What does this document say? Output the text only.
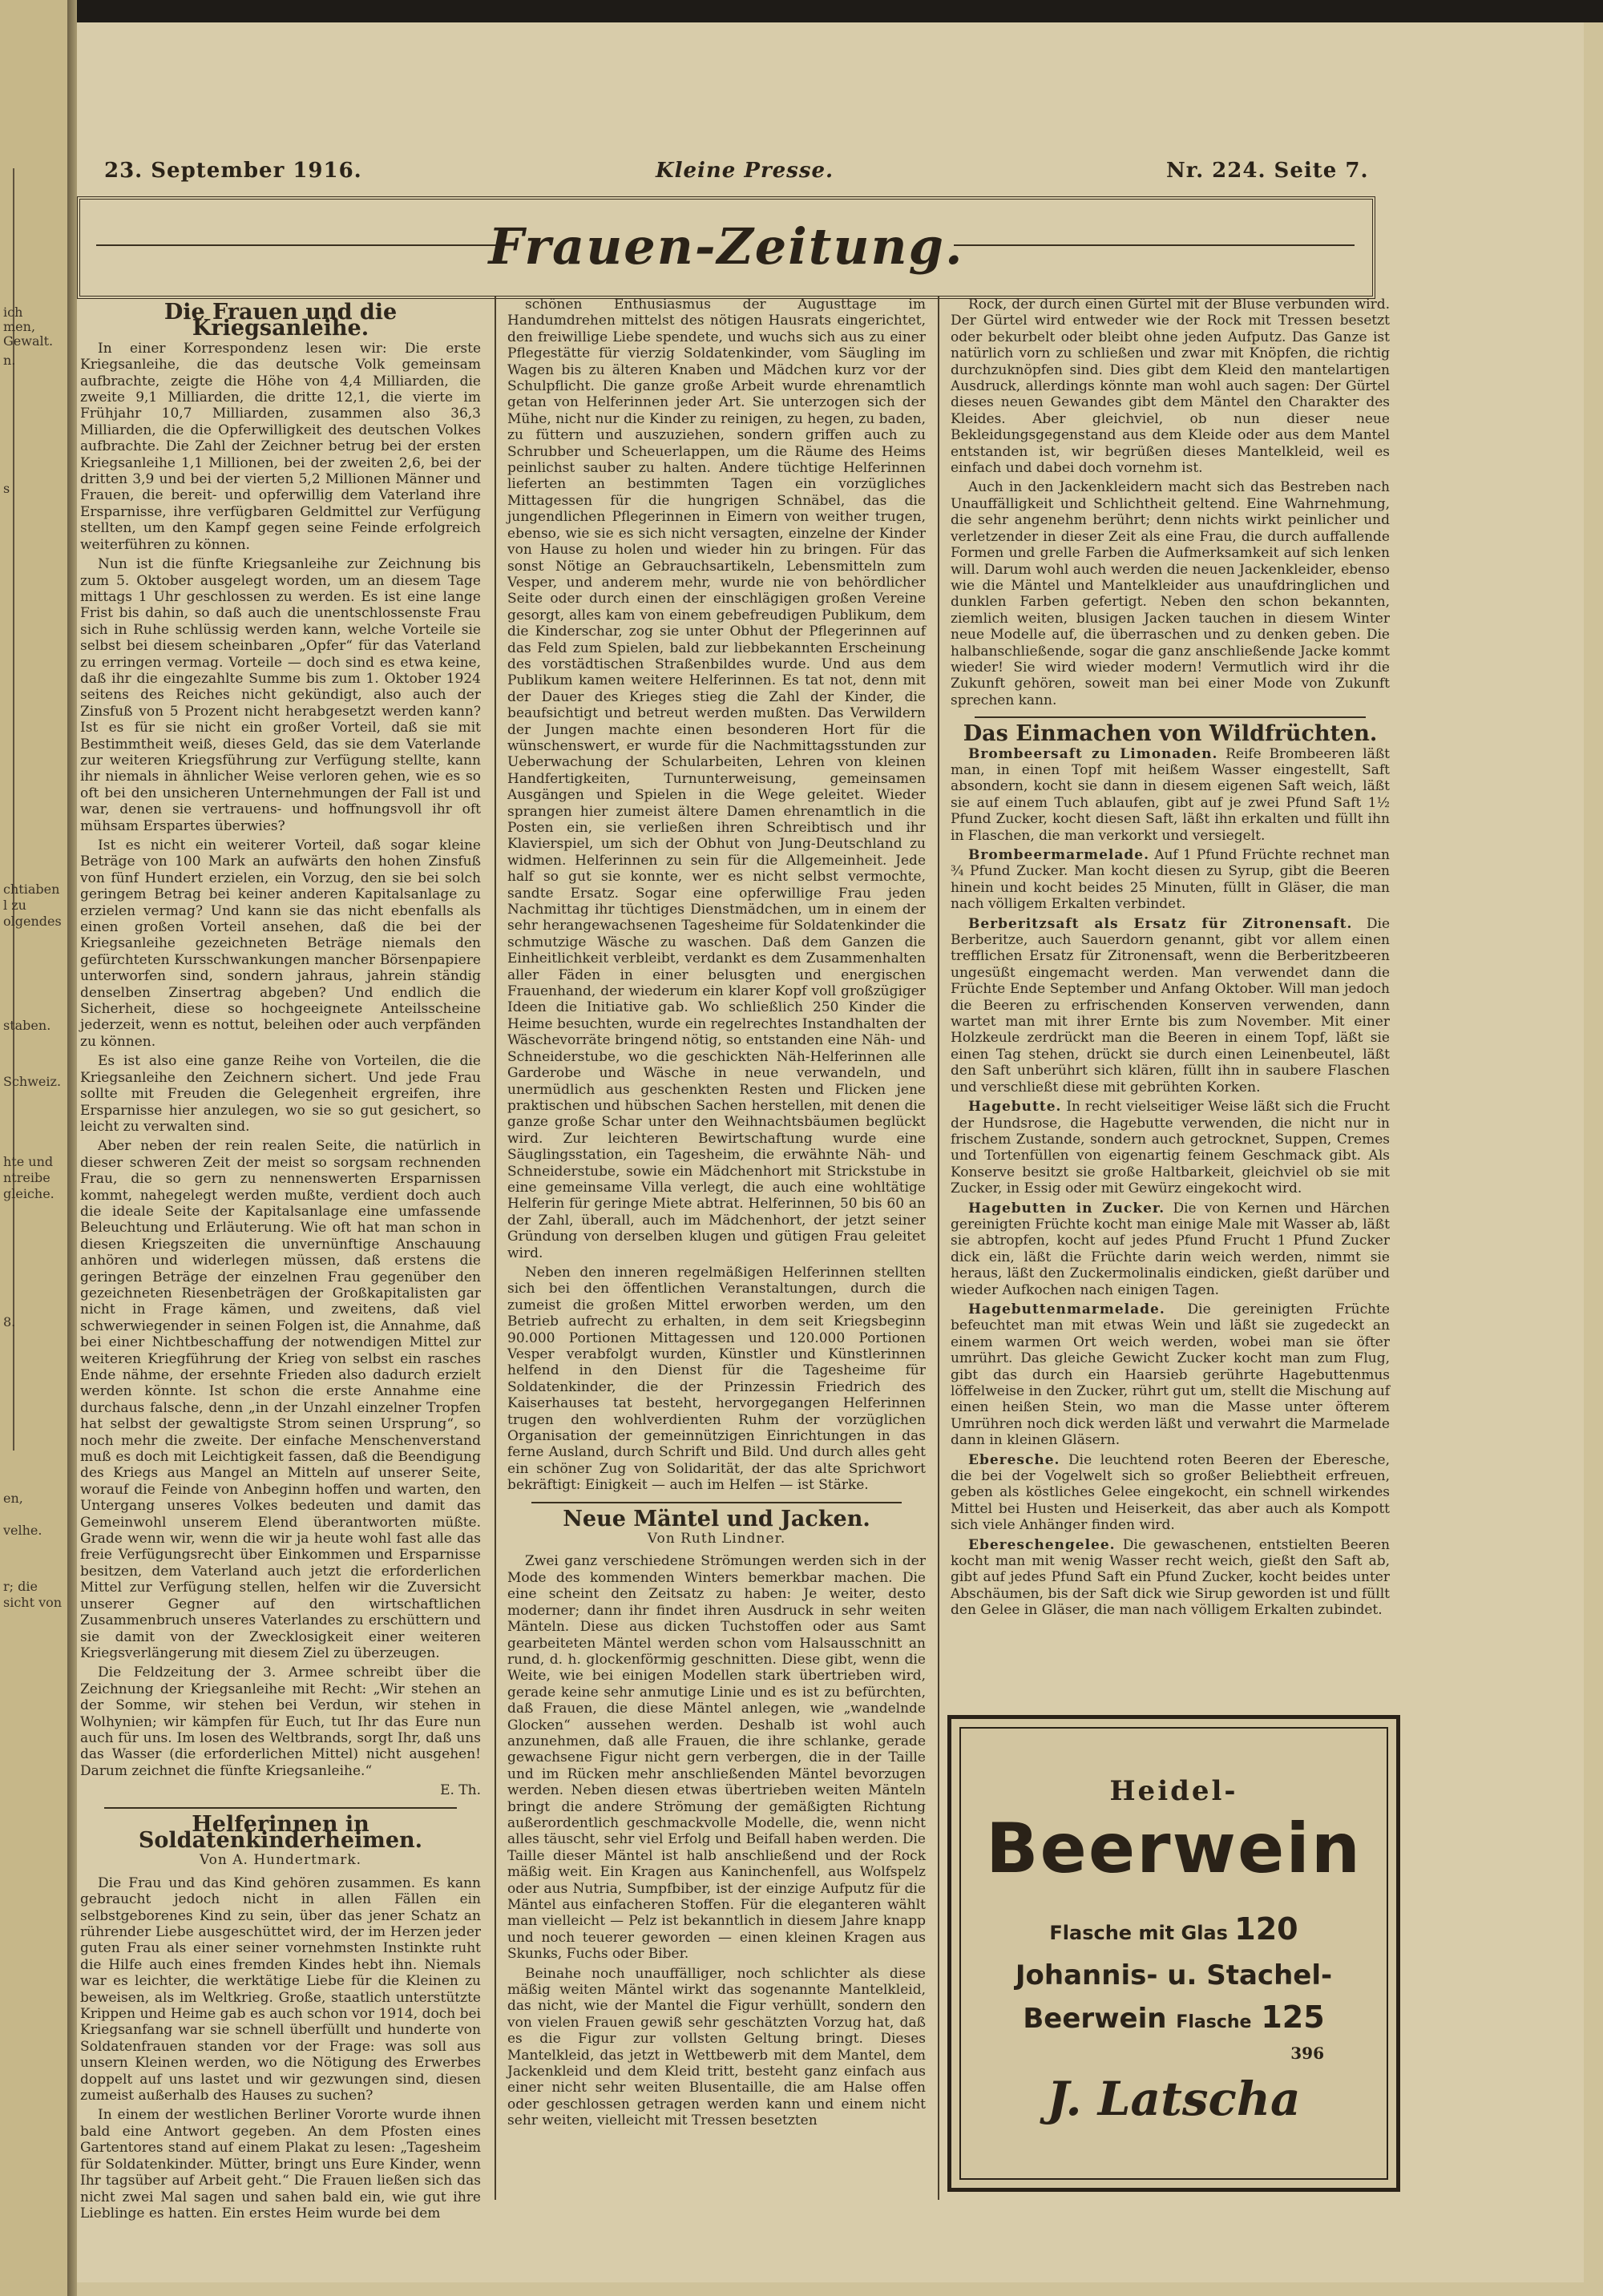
ich
men,
Gewalt.
n.
s
chtiaben
l zu
olgendes
staben.
Schweiz.
hte und
ntreibe
gleiche.
8.
en,
velhe.
r; die
sicht von
23. September 1916.	Kleine Presse.	Nr. 224. Seite 7.
Frauen-Zeitung.
Die Frauen und die Kriegsanleihe.

In einer Korrespondenz lesen wir: Die erste Kriegsanleihe, die das deutsche Volk gemeinsam aufbrachte, zeigte die Höhe von 4,4 Milliarden, die zweite 9,1 Milliarden, die dritte 12,1, die vierte im Frühjahr 10,7 Milliarden, zusammen also 36,3 Milliarden, die die Opferwilligkeit des deutschen Volkes aufbrachte. Die Zahl der Zeichner betrug bei der ersten Kriegsanleihe 1,1 Millionen, bei der zweiten 2,6, bei der dritten 3,9 und bei der vierten 5,2 Millionen Männer und Frauen, die bereit- und opferwillig dem Vaterland ihre Ersparnisse, ihre verfügbaren Geldmittel zur Verfügung stellten, um den Kampf gegen seine Feinde erfolgreich weiterführen zu können.

Nun ist die fünfte Kriegsanleihe zur Zeichnung bis zum 5. Oktober ausgelegt worden, um an diesem Tage mittags 1 Uhr geschlossen zu werden. Es ist eine lange Frist bis dahin, so daß auch die unentschlossenste Frau sich in Ruhe schlüssig werden kann, welche Vorteile sie selbst bei diesem scheinbaren „Opfer“ für das Vaterland zu erringen vermag. Vorteile — doch sind es etwa keine, daß ihr die eingezahlte Summe bis zum 1. Oktober 1924 seitens des Reiches nicht gekündigt, also auch der Zinsfuß von 5 Prozent nicht herabgesetzt werden kann? Ist es für sie nicht ein großer Vorteil, daß sie mit Bestimmtheit weiß, dieses Geld, das sie dem Vaterlande zur weiteren Kriegsführung zur Verfügung stellte, kann ihr niemals in ähnlicher Weise verloren gehen, wie es so oft bei den unsicheren Unternehmungen der Fall ist und war, denen sie vertrauens- und hoffnungsvoll ihr oft mühsam Erspartes überwies?

Ist es nicht ein weiterer Vorteil, daß sogar kleine Beträge von 100 Mark an aufwärts den hohen Zinsfuß von fünf Hundert erzielen, ein Vorzug, den sie bei solch geringem Betrag bei keiner anderen Kapitalsanlage zu erzielen vermag? Und kann sie das nicht ebenfalls als einen großen Vorteil ansehen, daß die bei der Kriegsanleihe gezeichneten Beträge niemals den gefürchteten Kursschwankungen mancher Börsenpapiere unterworfen sind, sondern jahraus, jahrein ständig denselben Zinsertrag abgeben? Und endlich die Sicherheit, diese so hochgeeignete Anteilsscheine jederzeit, wenn es nottut, beleihen oder auch verpfänden zu können.

Es ist also eine ganze Reihe von Vorteilen, die die Kriegsanleihe den Zeichnern sichert. Und jede Frau sollte mit Freuden die Gelegenheit ergreifen, ihre Ersparnisse hier anzulegen, wo sie so gut gesichert, so leicht zu verwalten sind.

Aber neben der rein realen Seite, die natürlich in dieser schweren Zeit der meist so sorgsam rechnenden Frau, die so gern zu nennenswerten Ersparnissen kommt, nahegelegt werden mußte, verdient doch auch die ideale Seite der Kapitalsanlage eine umfassende Beleuchtung und Erläuterung. Wie oft hat man schon in diesen Kriegszeiten die unvernünftige Anschauung anhören und widerlegen müssen, daß erstens die geringen Beträge der einzelnen Frau gegenüber den gezeichneten Riesenbeträgen der Großkapitalisten gar nicht in Frage kämen, und zweitens, daß viel schwerwiegender in seinen Folgen ist, die Annahme, daß bei einer Nichtbeschaffung der notwendigen Mittel zur weiteren Kriegführung der Krieg von selbst ein rasches Ende nähme, der ersehnte Frieden also dadurch erzielt werden könnte. Ist schon die erste Annahme eine durchaus falsche, denn „in der Unzahl einzelner Tropfen hat selbst der gewaltigste Strom seinen Ursprung“, so noch mehr die zweite. Der einfache Menschenverstand muß es doch mit Leichtigkeit fassen, daß die Beendigung des Kriegs aus Mangel an Mitteln auf unserer Seite, worauf die Feinde von Anbeginn hoffen und warten, den Untergang unseres Volkes bedeuten und damit das Gemeinwohl unserem Elend überantworten müßte. Grade wenn wir, wenn die wir ja heute wohl fast alle das freie Verfügungsrecht über Einkommen und Ersparnisse besitzen, dem Vaterland auch jetzt die erforderlichen Mittel zur Verfügung stellen, helfen wir die Zuversicht unserer Gegner auf den wirtschaftlichen Zusammenbruch unseres Vaterlandes zu erschüttern und sie damit von der Zwecklosigkeit einer weiteren Kriegsverlängerung mit diesem Ziel zu überzeugen.

Die Feldzeitung der 3. Armee schreibt über die Zeichnung der Kriegsanleihe mit Recht: „Wir stehen an der Somme, wir stehen bei Verdun, wir stehen in Wolhynien; wir kämpfen für Euch, tut Ihr das Eure nun auch für uns. Im losen des Weltbrands, sorgt Ihr, daß uns das Wasser (die erforderlichen Mittel) nicht ausgehen! Darum zeichnet die fünfte Kriegsanleihe.“

E. Th.

Helferinnen in Soldatenkinderheimen.
Von A. Hundertmark.

Die Frau und das Kind gehören zusammen. Es kann gebraucht jedoch nicht in allen Fällen ein selbstgeborenes Kind zu sein, über das jener Schatz an rührender Liebe ausgeschüttet wird, der im Herzen jeder guten Frau als einer seiner vornehmsten Instinkte ruht die Hilfe auch eines fremden Kindes hebt ihn. Niemals war es leichter, die werktätige Liebe für die Kleinen zu beweisen, als im Weltkrieg. Große, staatlich unterstützte Krippen und Heime gab es auch schon vor 1914, doch bei Kriegsanfang war sie schnell überfüllt und hunderte von Soldatenfrauen standen vor der Frage: was soll aus unsern Kleinen werden, wo die Nötigung des Erwerbes doppelt auf uns lastet und wir gezwungen sind, diesen zumeist außerhalb des Hauses zu suchen?

In einem der westlichen Berliner Vororte wurde ihnen bald eine Antwort gegeben. An dem Pfosten eines Gartentores stand auf einem Plakat zu lesen: „Tagesheim für Soldatenkinder. Mütter, bringt uns Eure Kinder, wenn Ihr tagsüber auf Arbeit geht.“ Die Frauen ließen sich das nicht zwei Mal sagen und sahen bald ein, wie gut ihre Lieblinge es hatten. Ein erstes Heim wurde bei dem

schönen Enthusiasmus der Augusttage im Handumdrehen mittelst des nötigen Hausrats eingerichtet, den freiwillige Liebe spendete, und wuchs sich aus zu einer Pflegestätte für vierzig Soldatenkinder, vom Säugling im Wagen bis zu älteren Knaben und Mädchen kurz vor der Schulpflicht. Die ganze große Arbeit wurde ehrenamtlich getan von Helferinnen jeder Art. Sie unterzogen sich der Mühe, nicht nur die Kinder zu reinigen, zu hegen, zu baden, zu füttern und auszuziehen, sondern griffen auch zu Schrubber und Scheuerlappen, um die Räume des Heims peinlichst sauber zu halten. Andere tüchtige Helferinnen lieferten an bestimmten Tagen ein vorzügliches Mittagessen für die hungrigen Schnäbel, das die jungendlichen Pflegerinnen in Eimern von weither trugen, ebenso, wie sie es sich nicht versagten, einzelne der Kinder von Hause zu holen und wieder hin zu bringen. Für das sonst Nötige an Gebrauchsartikeln, Lebensmitteln zum Vesper, und anderem mehr, wurde nie von behördlicher Seite oder durch einen der einschlägigen großen Vereine gesorgt, alles kam von einem gebefreudigen Publikum, dem die Kinderschar, zog sie unter Obhut der Pflegerinnen auf das Feld zum Spielen, bald zur liebbekannten Erscheinung des vorstädtischen Straßenbildes wurde. Und aus dem Publikum kamen weitere Helferinnen. Es tat not, denn mit der Dauer des Krieges stieg die Zahl der Kinder, die beaufsichtigt und betreut werden mußten. Das Verwildern der Jungen machte einen besonderen Hort für die wünschenswert, er wurde für die Nachmittagsstunden zur Ueberwachung der Schularbeiten, Lehren von kleinen Handfertigkeiten, Turnunterweisung, gemeinsamen Ausgängen und Spielen in die Wege geleitet. Wieder sprangen hier zumeist ältere Damen ehrenamtlich in die Posten ein, sie verließen ihren Schreibtisch und ihr Klavierspiel, um sich der Obhut von Jung-Deutschland zu widmen. Helferinnen zu sein für die Allgemeinheit. Jede half so gut sie konnte, wer es nicht selbst vermochte, sandte Ersatz. Sogar eine opferwillige Frau jeden Nachmittag ihr tüchtiges Dienstmädchen, um in einem der sehr herangewachsenen Tagesheime für Soldatenkinder die schmutzige Wäsche zu waschen. Daß dem Ganzen die Einheitlichkeit verbleibt, verdankt es dem Zusammenhalten aller Fäden in einer belusgten und energischen Frauenhand, der wiederum ein klarer Kopf voll großzügiger Ideen die Initiative gab. Wo schließlich 250 Kinder die Heime besuchten, wurde ein regelrechtes Instandhalten der Wäschevorräte bringend nötig, so entstanden eine Näh- und Schneiderstube, wo die geschickten Näh-Helferinnen alle Garderobe und Wäsche in neue verwandeln, und unermüdlich aus geschenkten Resten und Flicken jene praktischen und hübschen Sachen herstellen, mit denen die ganze große Schar unter den Weihnachtsbäumen beglückt wird. Zur leichteren Bewirtschaftung wurde eine Säuglingsstation, ein Tagesheim, die erwähnte Näh- und Schneiderstube, sowie ein Mädchenhort mit Strickstube in eine gemeinsame Villa verlegt, die auch eine wohltätige Helferin für geringe Miete abtrat. Helferinnen, 50 bis 60 an der Zahl, überall, auch im Mädchenhort, der jetzt seiner Gründung von derselben klugen und gütigen Frau geleitet wird.

Neben den inneren regelmäßigen Helferinnen stellten sich bei den öffentlichen Veranstaltungen, durch die zumeist die großen Mittel erworben werden, um den Betrieb aufrecht zu erhalten, in dem seit Kriegsbeginn 90.000 Portionen Mittagessen und 120.000 Portionen Vesper verabfolgt wurden, Künstler und Künstlerinnen helfend in den Dienst für die Tagesheime für Soldatenkinder, die der Prinzessin Friedrich des Kaiserhauses tat besteht, hervorgegangen Helferinnen trugen den wohlverdienten Ruhm der vorzüglichen Organisation der gemeinnützigen Einrichtungen in das ferne Ausland, durch Schrift und Bild. Und durch alles geht ein schöner Zug von Solidarität, der das alte Sprichwort bekräftigt: Einigkeit — auch im Helfen — ist Stärke.

Neue Mäntel und Jacken.
Von Ruth Lindner.

Zwei ganz verschiedene Strömungen werden sich in der Mode des kommenden Winters bemerkbar machen. Die eine scheint den Zeitsatz zu haben: Je weiter, desto moderner; dann ihr findet ihren Ausdruck in sehr weiten Mänteln. Diese aus dicken Tuchstoffen oder aus Samt gearbeiteten Mäntel werden schon vom Halsausschnitt an rund, d. h. glockenförmig geschnitten. Diese gibt, wenn die Weite, wie bei einigen Modellen stark übertrieben wird, gerade keine sehr anmutige Linie und es ist zu befürchten, daß Frauen, die diese Mäntel anlegen, wie „wandelnde Glocken“ aussehen werden. Deshalb ist wohl auch anzunehmen, daß alle Frauen, die ihre schlanke, gerade gewachsene Figur nicht gern verbergen, die in der Taille und im Rücken mehr anschließenden Mäntel bevorzugen werden. Neben diesen etwas übertrieben weiten Mänteln bringt die andere Strömung der gemäßigten Richtung außerordentlich geschmackvolle Modelle, die, wenn nicht alles täuscht, sehr viel Erfolg und Beifall haben werden. Die Taille dieser Mäntel ist halb anschließend und der Rock mäßig weit. Ein Kragen aus Kaninchenfell, aus Wolfspelz oder aus Nutria, Sumpfbiber, ist der einzige Aufputz für die Mäntel aus einfacheren Stoffen. Für die eleganteren wählt man vielleicht — Pelz ist bekanntlich in diesem Jahre knapp und noch teuerer geworden — einen kleinen Kragen aus Skunks, Fuchs oder Biber.

Beinahe noch unauffälliger, noch schlichter als diese mäßig weiten Mäntel wirkt das sogenannte Mantelkleid, das nicht, wie der Mantel die Figur verhüllt, sondern den von vielen Frauen gewiß sehr geschätzten Vorzug hat, daß es die Figur zur vollsten Geltung bringt. Dieses Mantelkleid, das jetzt in Wettbewerb mit dem Mantel, dem Jackenkleid und dem Kleid tritt, besteht ganz einfach aus einer nicht sehr weiten Blusentaille, die am Halse offen oder geschlossen getragen werden kann und einem nicht sehr weiten, vielleicht mit Tressen besetzten

Rock, der durch einen Gürtel mit der Bluse verbunden wird. Der Gürtel wird entweder wie der Rock mit Tressen besetzt oder bekurbelt oder bleibt ohne jeden Aufputz. Das Ganze ist natürlich vorn zu schließen und zwar mit Knöpfen, die richtig durchzuknöpfen sind. Dies gibt dem Kleid den mantelartigen Ausdruck, allerdings könnte man wohl auch sagen: Der Gürtel dieses neuen Gewandes gibt dem Mäntel den Charakter des Kleides. Aber gleichviel, ob nun dieser neue Bekleidungsgegenstand aus dem Kleide oder aus dem Mantel entstanden ist, wir begrüßen dieses Mantelkleid, weil es einfach und dabei doch vornehm ist.

Auch in den Jackenkleidern macht sich das Bestreben nach Unauffälligkeit und Schlichtheit geltend. Eine Wahrnehmung, die sehr angenehm berührt; denn nichts wirkt peinlicher und verletzender in dieser Zeit als eine Frau, die durch auffallende Formen und grelle Farben die Aufmerksamkeit auf sich lenken will. Darum wohl auch werden die neuen Jackenkleider, ebenso wie die Mäntel und Mantelkleider aus unaufdringlichen und dunklen Farben gefertigt. Neben den schon bekannten, ziemlich weiten, blusigen Jacken tauchen in diesem Winter neue Modelle auf, die überraschen und zu denken geben. Die halbanschließende, sogar die ganz anschließende Jacke kommt wieder! Sie wird wieder modern! Vermutlich wird ihr die Zukunft gehören, soweit man bei einer Mode von Zukunft sprechen kann.

Das Einmachen von Wildfrüchten.

Brombeersaft zu Limonaden. Reife Brombeeren läßt man, in einen Topf mit heißem Wasser eingestellt, Saft absondern, kocht sie dann in diesem eigenen Saft weich, läßt sie auf einem Tuch ablaufen, gibt auf je zwei Pfund Saft 1½ Pfund Zucker, kocht diesen Saft, läßt ihn erkalten und füllt ihn in Flaschen, die man verkorkt und versiegelt.

Brombeermarmelade. Auf 1 Pfund Früchte rechnet man ¾ Pfund Zucker. Man kocht diesen zu Syrup, gibt die Beeren hinein und kocht beides 25 Minuten, füllt in Gläser, die man nach völligem Erkalten verbindet.

Berberitzsaft als Ersatz für Zitronensaft. Die Berberitze, auch Sauerdorn genannt, gibt vor allem einen trefflichen Ersatz für Zitronensaft, wenn die Berberitzbeeren ungesüßt eingemacht werden. Man verwendet dann die Früchte Ende September und Anfang Oktober. Will man jedoch die Beeren zu erfrischenden Konserven verwenden, dann wartet man mit ihrer Ernte bis zum November. Mit einer Holzkeule zerdrückt man die Beeren in einem Topf, läßt sie einen Tag stehen, drückt sie durch einen Leinenbeutel, läßt den Saft unberührt sich klären, füllt ihn in saubere Flaschen und verschließt diese mit gebrühten Korken.

Hagebutte. In recht vielseitiger Weise läßt sich die Frucht der Hundsrose, die Hagebutte verwenden, die nicht nur in frischem Zustande, sondern auch getrocknet, Suppen, Cremes und Tortenfüllen von eigenartig feinem Geschmack gibt. Als Konserve besitzt sie große Haltbarkeit, gleichviel ob sie mit Zucker, in Essig oder mit Gewürz eingekocht wird.

Hagebutten in Zucker. Die von Kernen und Härchen gereinigten Früchte kocht man einige Male mit Wasser ab, läßt sie abtropfen, kocht auf jedes Pfund Frucht 1 Pfund Zucker dick ein, läßt die Früchte darin weich werden, nimmt sie heraus, läßt den Zuckermolinalis eindicken, gießt darüber und wieder Aufkochen nach einigen Tagen.

Hagebuttenmarmelade. Die gereinigten Früchte befeuchtet man mit etwas Wein und läßt sie zugedeckt an einem warmen Ort weich werden, wobei man sie öfter umrührt. Das gleiche Gewicht Zucker kocht man zum Flug, gibt das durch ein Haarsieb gerührte Hagebuttenmus löffelweise in den Zucker, rührt gut um, stellt die Mischung auf einen heißen Stein, wo man die Masse unter öfterem Umrühren noch dick werden läßt und verwahrt die Marmelade dann in kleinen Gläsern.

Eberesche. Die leuchtend roten Beeren der Eberesche, die bei der Vogelwelt sich so großer Beliebtheit erfreuen, geben als köstliches Gelee eingekocht, ein schnell wirkendes Mittel bei Husten und Heiserkeit, das aber auch als Kompott sich viele Anhänger finden wird.

Ebereschengelee. Die gewaschenen, entstielten Beeren kocht man mit wenig Wasser recht weich, gießt den Saft ab, gibt auf jedes Pfund Saft ein Pfund Zucker, kocht beides unter Abschäumen, bis der Saft dick wie Sirup geworden ist und füllt den Gelee in Gläser, die man nach völligem Erkalten zubindet.

Heidel-
Beerwein
Flasche mit Glas 120
Johannis- u. Stachel-
Beerwein Flasche 125
396
J. Latscha
